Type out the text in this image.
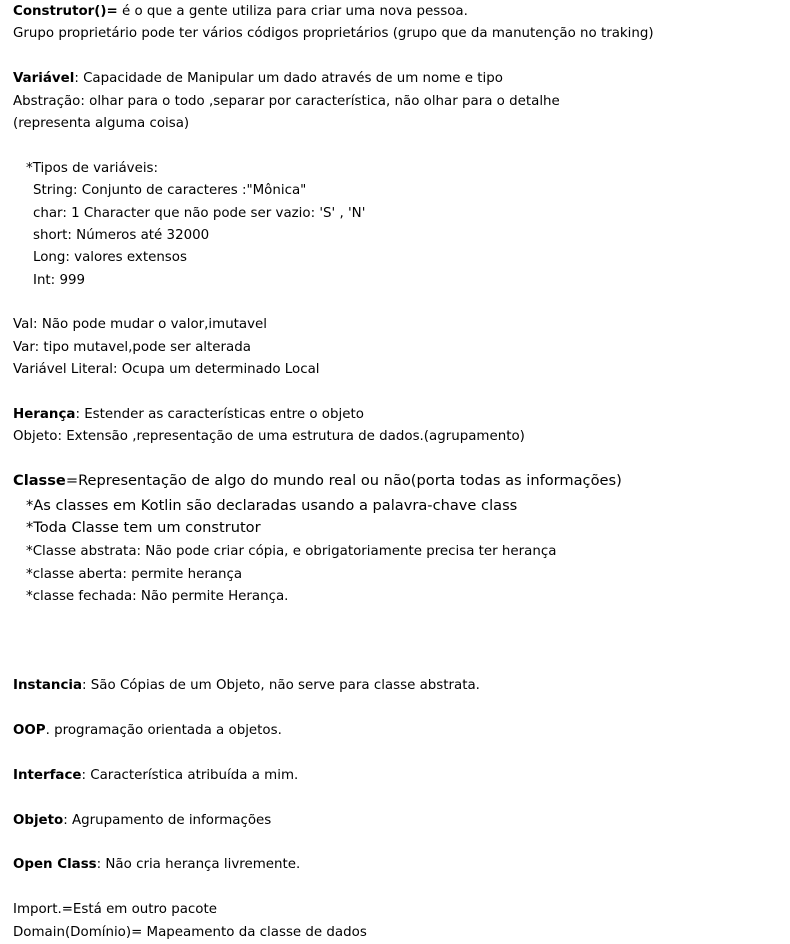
Construtor()= é o que a gente utiliza para criar uma nova pessoa.
Grupo proprietário pode ter vários códigos proprietários (grupo que da manutenção no traking)
Variável: Capacidade de Manipular um dado através de um nome e tipo
Abstração: olhar para o todo ,separar por característica, não olhar para o detalhe
(representa alguma coisa)
*Tipos de variáveis:
String: Conjunto de caracteres :"Mônica"
char: 1 Character que não pode ser vazio: 'S' , 'N'
short: Números até 32000
Long: valores extensos
Int: 999
Val: Não pode mudar o valor,imutavel
Var: tipo mutavel,pode ser alterada
Variável Literal: Ocupa um determinado Local
Herança: Estender as características entre o objeto
Objeto: Extensão ,representação de uma estrutura de dados.(agrupamento)
Classe=Representação de algo do mundo real ou não(porta todas as informações)
*As classes em Kotlin são declaradas usando a palavra-chave class
*Toda Classe tem um construtor
*Classe abstrata: Não pode criar cópia, e obrigatoriamente precisa ter herança
*classe aberta: permite herança
*classe fechada: Não permite Herança.
Instancia: São Cópias de um Objeto, não serve para classe abstrata.
OOP. programação orientada a objetos.
Interface: Característica atribuída a mim.
Objeto: Agrupamento de informações
Open Class: Não cria herança livremente.
Import.=Está em outro pacote
Domain(Domínio)= Mapeamento da classe de dados
